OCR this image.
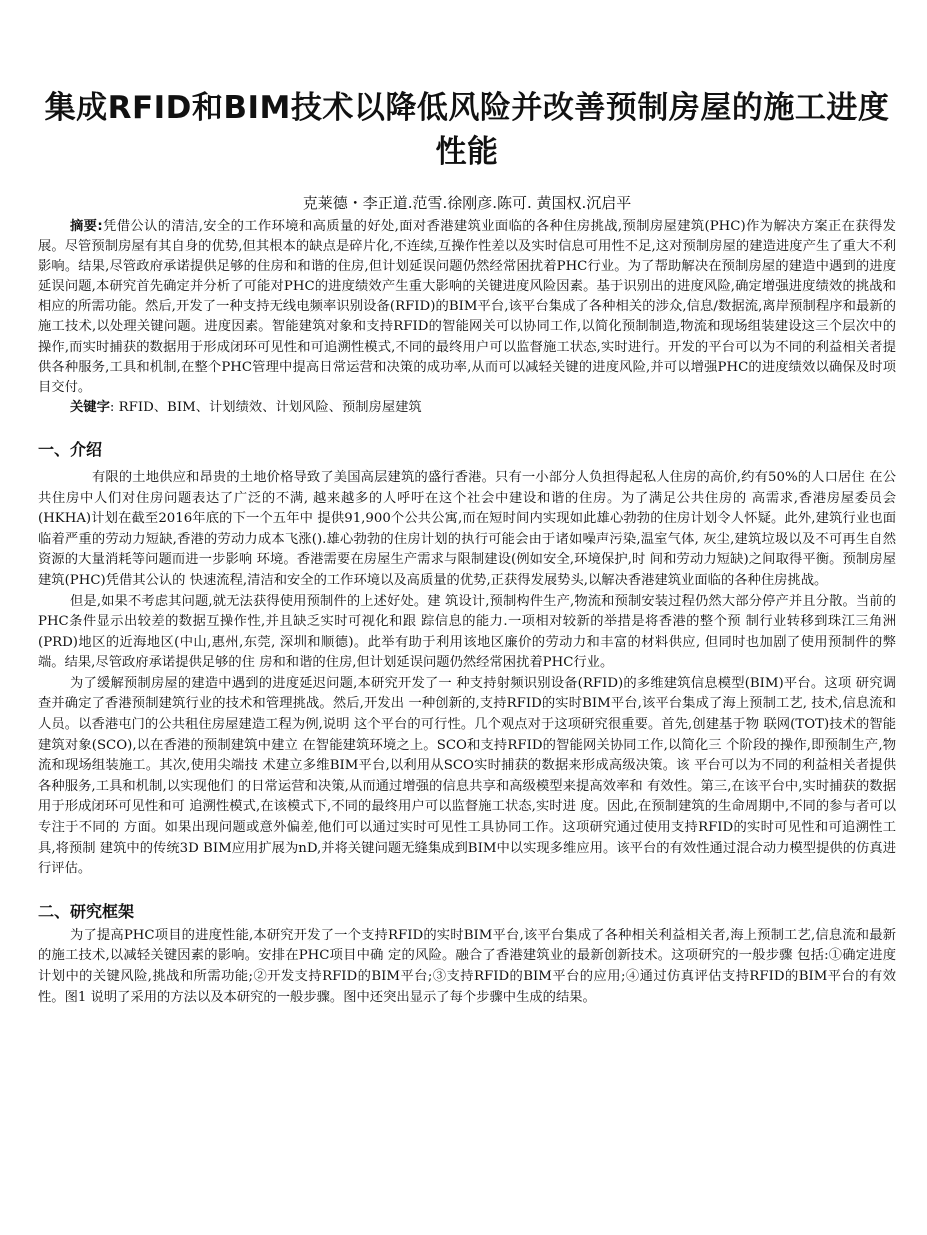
集成RFID和BIM技术以降低风险并改善预制房屋的施工进度性能
克莱德・李正道.范雪.徐刚彦.陈可. 黄国权.沉启平
摘要:凭借公认的清洁,安全的工作环境和高质量的好处,面对香港建筑业面临的各种住房挑战,预制房屋建筑(PHC)作为解决方案正在获得发展。尽管预制房屋有其自身的优势,但其根本的缺点是碎片化,不连续,互操作性差以及实时信息可用性不足,这对预制房屋的建造进度产生了重大不利影响。结果,尽管政府承诺提供足够的住房和和谐的住房,但计划延误问题仍然经常困扰着PHC行业。为了帮助解决在预制房屋的建造中遇到的进度延误问题,本研究首先确定并分析了可能对PHC的进度绩效产生重大影响的关键进度风险因素。基于识别出的进度风险,确定增强进度绩效的挑战和相应的所需功能。然后,开发了一种支持无线电频率识别设备(RFID)的BIM平台,该平台集成了各种相关的涉众,信息/数据流,离岸预制程序和最新的施工技术,以处理关键问题。进度因素。智能建筑对象和支持RFID的智能网关可以协同工作,以简化预制制造,物流和现场组装建设这三个层次中的操作,而实时捕获的数据用于形成闭环可见性和可追溯性模式,不同的最终用户可以监督施工状态,实时进行。开发的平台可以为不同的利益相关者提供各种服务,工具和机制,在整个PHC管理中提高日常运营和决策的成功率,从而可以减轻关键的进度风险,并可以增强PHC的进度绩效以确保及时项目交付。
关键字: RFID、BIM、计划绩效、计划风险、预制房屋建筑
一、介绍

有限的土地供应和昂贵的土地价格导致了美国高层建筑的盛行香港。只有一小部分人负担得起私人住房的高价,约有50%的人口居住 在公共住房中人们对住房问题表达了广泛的不满, 越来越多的人呼吁在这个社会中建设和谐的住房。为了满足公共住房的 高需求,香港房屋委员会(HKHA)计划在截至2016年底的下一个五年中 提供91,900个公共公寓,而在短时间内实现如此雄心勃勃的住房计划令人怀疑。此外,建筑行业也面临着严重的劳动力短缺,香港的劳动力成本飞涨().雄心勃勃的住房计划的执行可能会由于诸如噪声污染,温室气体, 灰尘,建筑垃圾以及不可再生自然资源的大量消耗等问题而进一步影响 环境。香港需要在房屋生产需求与限制建设(例如安全,环境保护,时 间和劳动力短缺)之间取得平衡。预制房屋建筑(PHC)凭借其公认的 快速流程,清洁和安全的工作环境以及高质量的优势,正获得发展势头,以解决香港建筑业面临的各种住房挑战。

但是,如果不考虑其问题,就无法获得使用预制件的上述好处。建 筑设计,预制构件生产,物流和预制安装过程仍然大部分停产并且分散。当前的PHC条件显示出较差的数据互操作性,并且缺乏实时可视化和跟 踪信息的能力.一项相对较新的举措是将香港的整个预 制行业转移到珠江三角洲(PRD)地区的近海地区(中山,惠州,东莞, 深圳和顺德)。此举有助于利用该地区廉价的劳动力和丰富的材料供应, 但同时也加剧了使用预制件的弊端。结果,尽管政府承诺提供足够的住 房和和谐的住房,但计划延误问题仍然经常困扰着PHC行业。

为了缓解预制房屋的建造中遇到的进度延迟问题,本研究开发了一 种支持射频识别设备(RFID)的多维建筑信息模型(BIM)平台。这项 研究调查并确定了香港预制建筑行业的技术和管理挑战。然后,开发出 一种创新的,支持RFID的实时BIM平台,该平台集成了海上预制工艺, 技术,信息流和人员。以香港屯门的公共租住房屋建造工程为例,说明 这个平台的可行性。几个观点对于这项研究很重要。首先,创建基于物 联网(TOT)技术的智能建筑对象(SCO),以在香港的预制建筑中建立 在智能建筑环境之上。SCO和支持RFID的智能网关协同工作,以简化三 个阶段的操作,即预制生产,物流和现场组装施工。其次,使用尖端技 术建立多维BIM平台,以利用从SCO实时捕获的数据来形成高级决策。该 平台可以为不同的利益相关者提供各种服务,工具和机制,以实现他们 的日常运营和决策,从而通过增强的信息共享和高级模型来提高效率和 有效性。第三,在该平台中,实时捕获的数据用于形成闭环可见性和可 追溯性模式,在该模式下,不同的最终用户可以监督施工状态,实时进 度。因此,在预制建筑的生命周期中,不同的参与者可以专注于不同的 方面。如果出现问题或意外偏差,他们可以通过实时可见性工具协同工作。这项研究通过使用支持RFID的实时可见性和可追溯性工具,将预制 建筑中的传统3D BIM应用扩展为nD,并将关键问题无缝集成到BIM中以实现多维应用。该平台的有效性通过混合动力模型提供的仿真进行评估。

二、研究框架

为了提高PHC项目的进度性能,本研究开发了一个支持RFID的实时BIM平台,该平台集成了各种相关利益相关者,海上预制工艺,信息流和最新的施工技术,以减轻关键因素的影响。安排在PHC项目中确 定的风险。融合了香港建筑业的最新创新技术。这项研究的一般步骤 包括:①确定进度计划中的关键风险,挑战和所需功能;②开发支持RFID的BIM平台;③支持RFID的BIM平台的应用;④通过仿真评估支持RFID的BIM平台的有效性。图1 说明了采用的方法以及本研究的一般步骤。图中还突出显示了每个步骤中生成的结果。
